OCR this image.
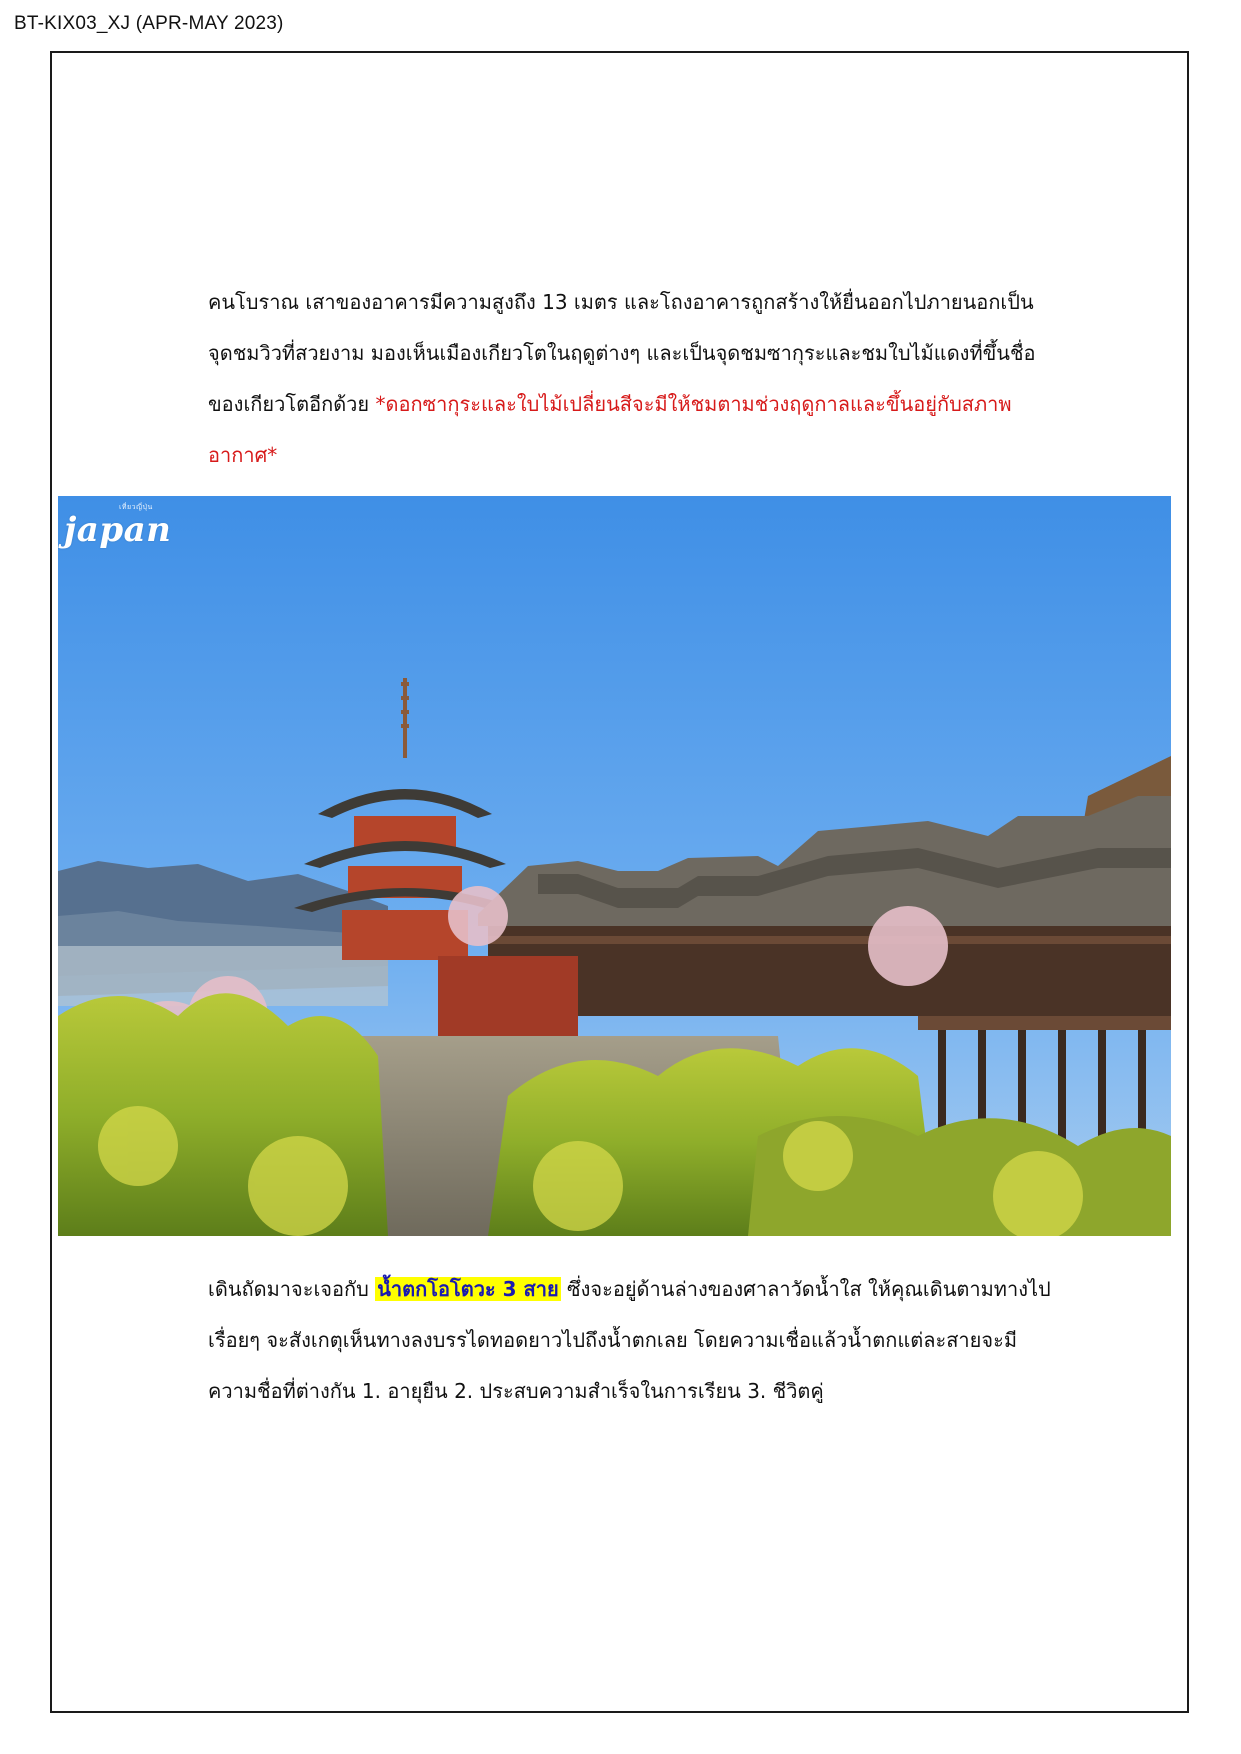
BT-KIX03_XJ (APR-MAY 2023)

คนโบราณ เสาของอาคารมีความสูงถึง 13 เมตร และโถงอาคารถูกสร้างให้ยื่นออกไปภายนอกเป็น
จุดชมวิวที่สวยงาม มองเห็นเมืองเกียวโตในฤดูต่างๆ และเป็นจุดชมซากุระและชมใบไม้แดงที่ขึ้นชื่อ
ของเกียวโตอีกด้วย *ดอกซากุระและใบไม้เปลี่ยนสีจะมีให้ชมตามช่วงฤดูกาลและขึ้นอยู่กับสภาพ
อากาศ*

เที่ยวญี่ปุ่น
japan

เดินถัดมาจะเจอกับ น้ำตกโอโตวะ 3 สาย ซึ่งจะอยู่ด้านล่างของศาลาวัดน้ำใส ให้คุณเดินตามทางไป
เรื่อยๆ จะสังเกตุเห็นทางลงบรรไดทอดยาวไปถึงน้ำตกเลย โดยความเชื่อแล้วน้ำตกแต่ละสายจะมี
ความชื่อที่ต่างกัน 1. อายุยืน 2. ประสบความสำเร็จในการเรียน 3. ชีวิตคู่
